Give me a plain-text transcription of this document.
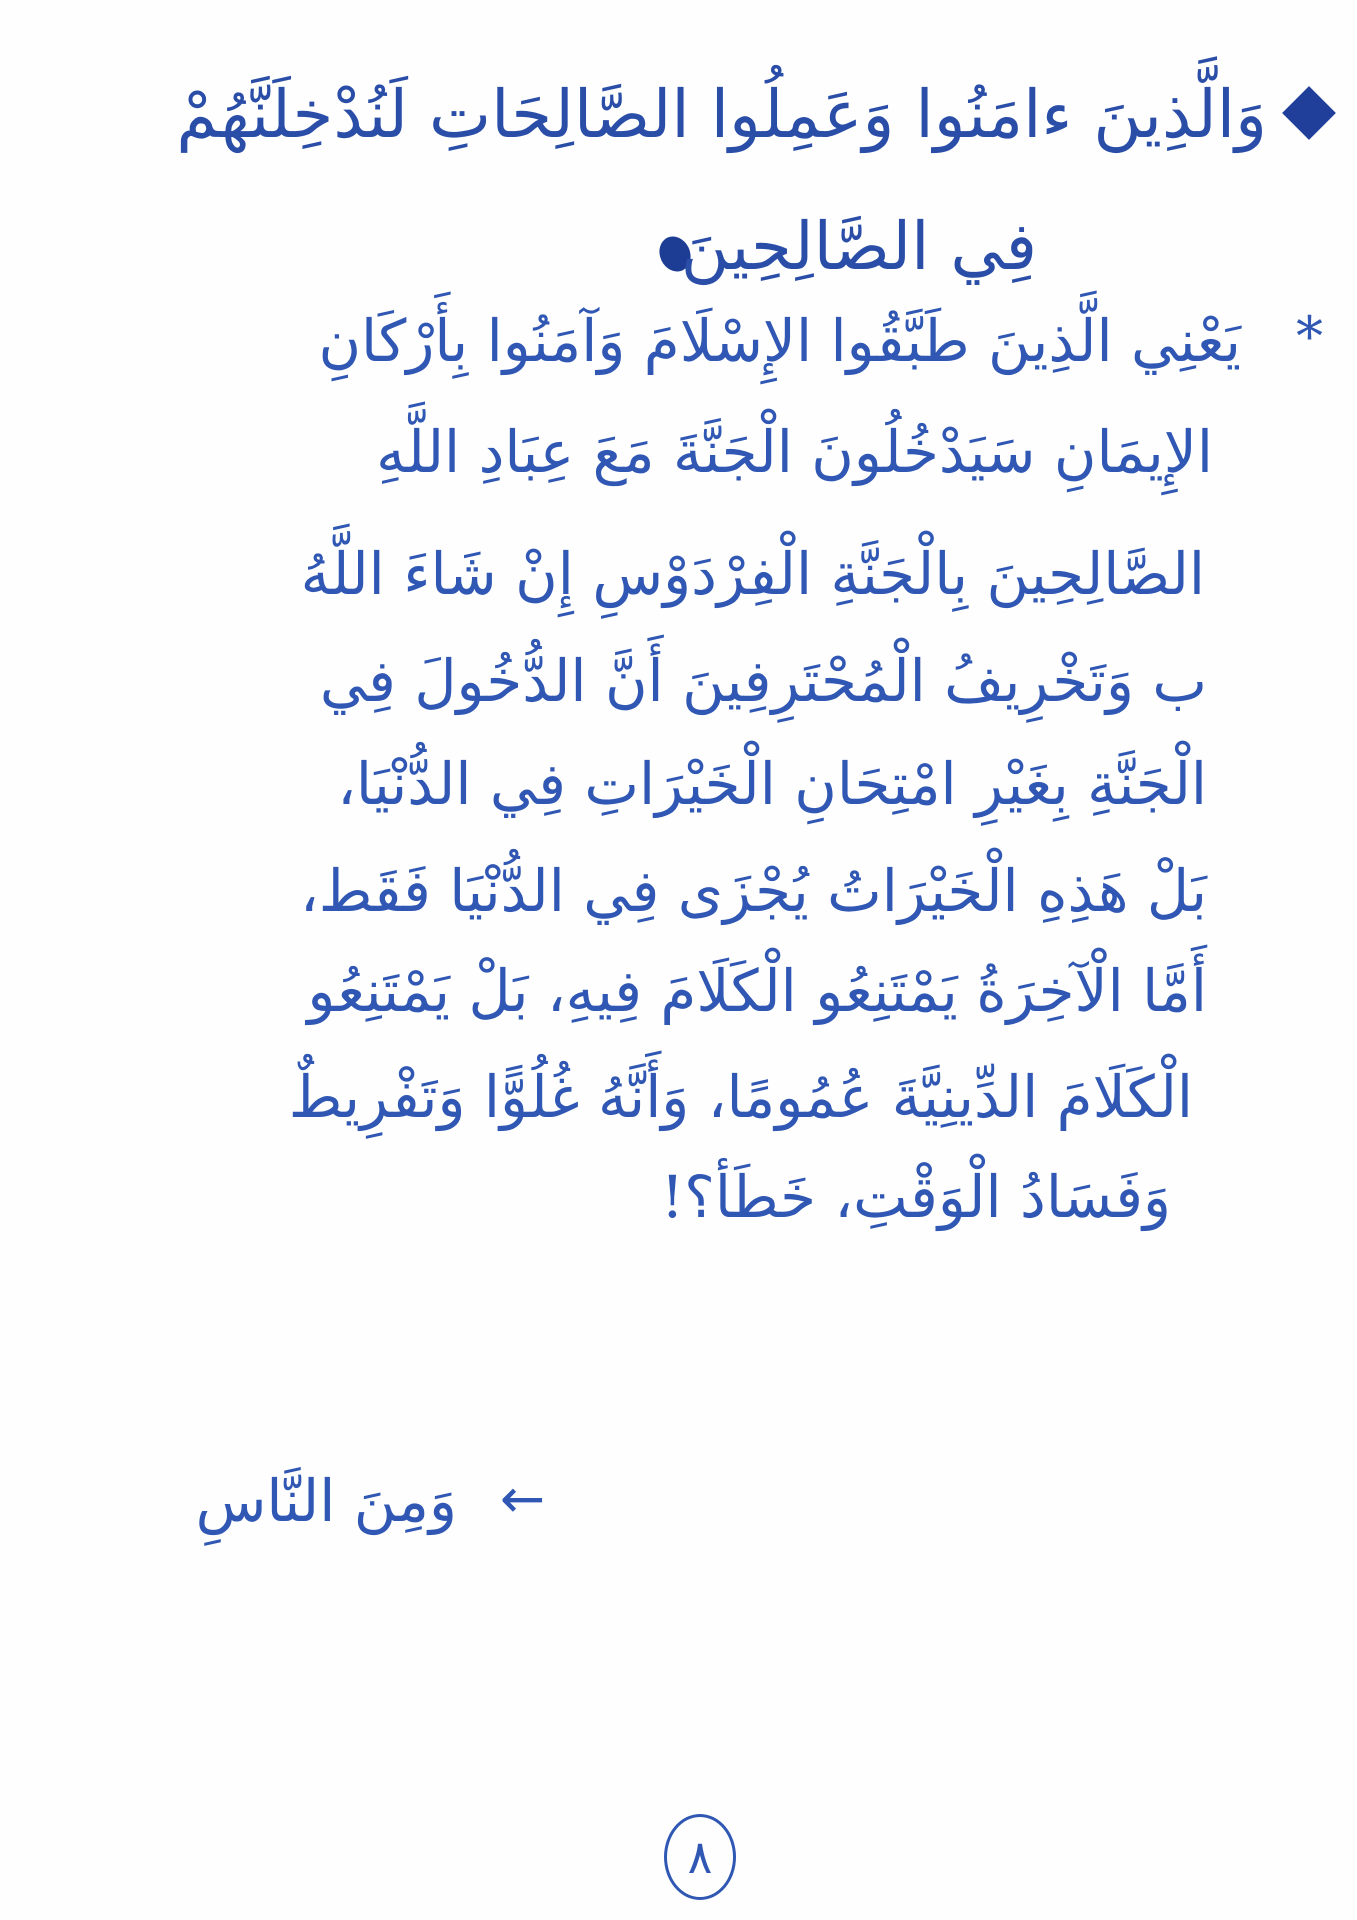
وَالَّذِينَ ءامَنُوا وَعَمِلُوا الصَّالِحَاتِ لَنُدْخِلَنَّهُمْ
فِي الصَّالِحِينَ
*
يَعْنِي الَّذِينَ طَبَّقُوا الإِسْلَامَ وَآمَنُوا بِأَرْكَانِ
الإِيمَانِ سَيَدْخُلُونَ الْجَنَّةَ مَعَ عِبَادِ اللَّهِ
الصَّالِحِينَ بِالْجَنَّةِ الْفِرْدَوْسِ إِنْ شَاءَ اللَّهُ
ب وَتَخْرِيفُ الْمُحْتَرِفِينَ أَنَّ الدُّخُولَ فِي
الْجَنَّةِ بِغَيْرِ امْتِحَانِ الْخَيْرَاتِ فِي الدُّنْيَا،
بَلْ هَذِهِ الْخَيْرَاتُ يُجْزَى فِي الدُّنْيَا فَقَط،
أَمَّا الْآخِرَةُ يَمْتَنِعُو الْكَلَامَ فِيهِ، بَلْ يَمْتَنِعُو
الْكَلَامَ الدِّينِيَّةَ عُمُومًا، وَأَنَّهُ غُلُوًّا وَتَفْرِيطٌ
وَفَسَادُ الْوَقْتِ، خَطَأ؟!
←
وَمِنَ النَّاسِ
٨
